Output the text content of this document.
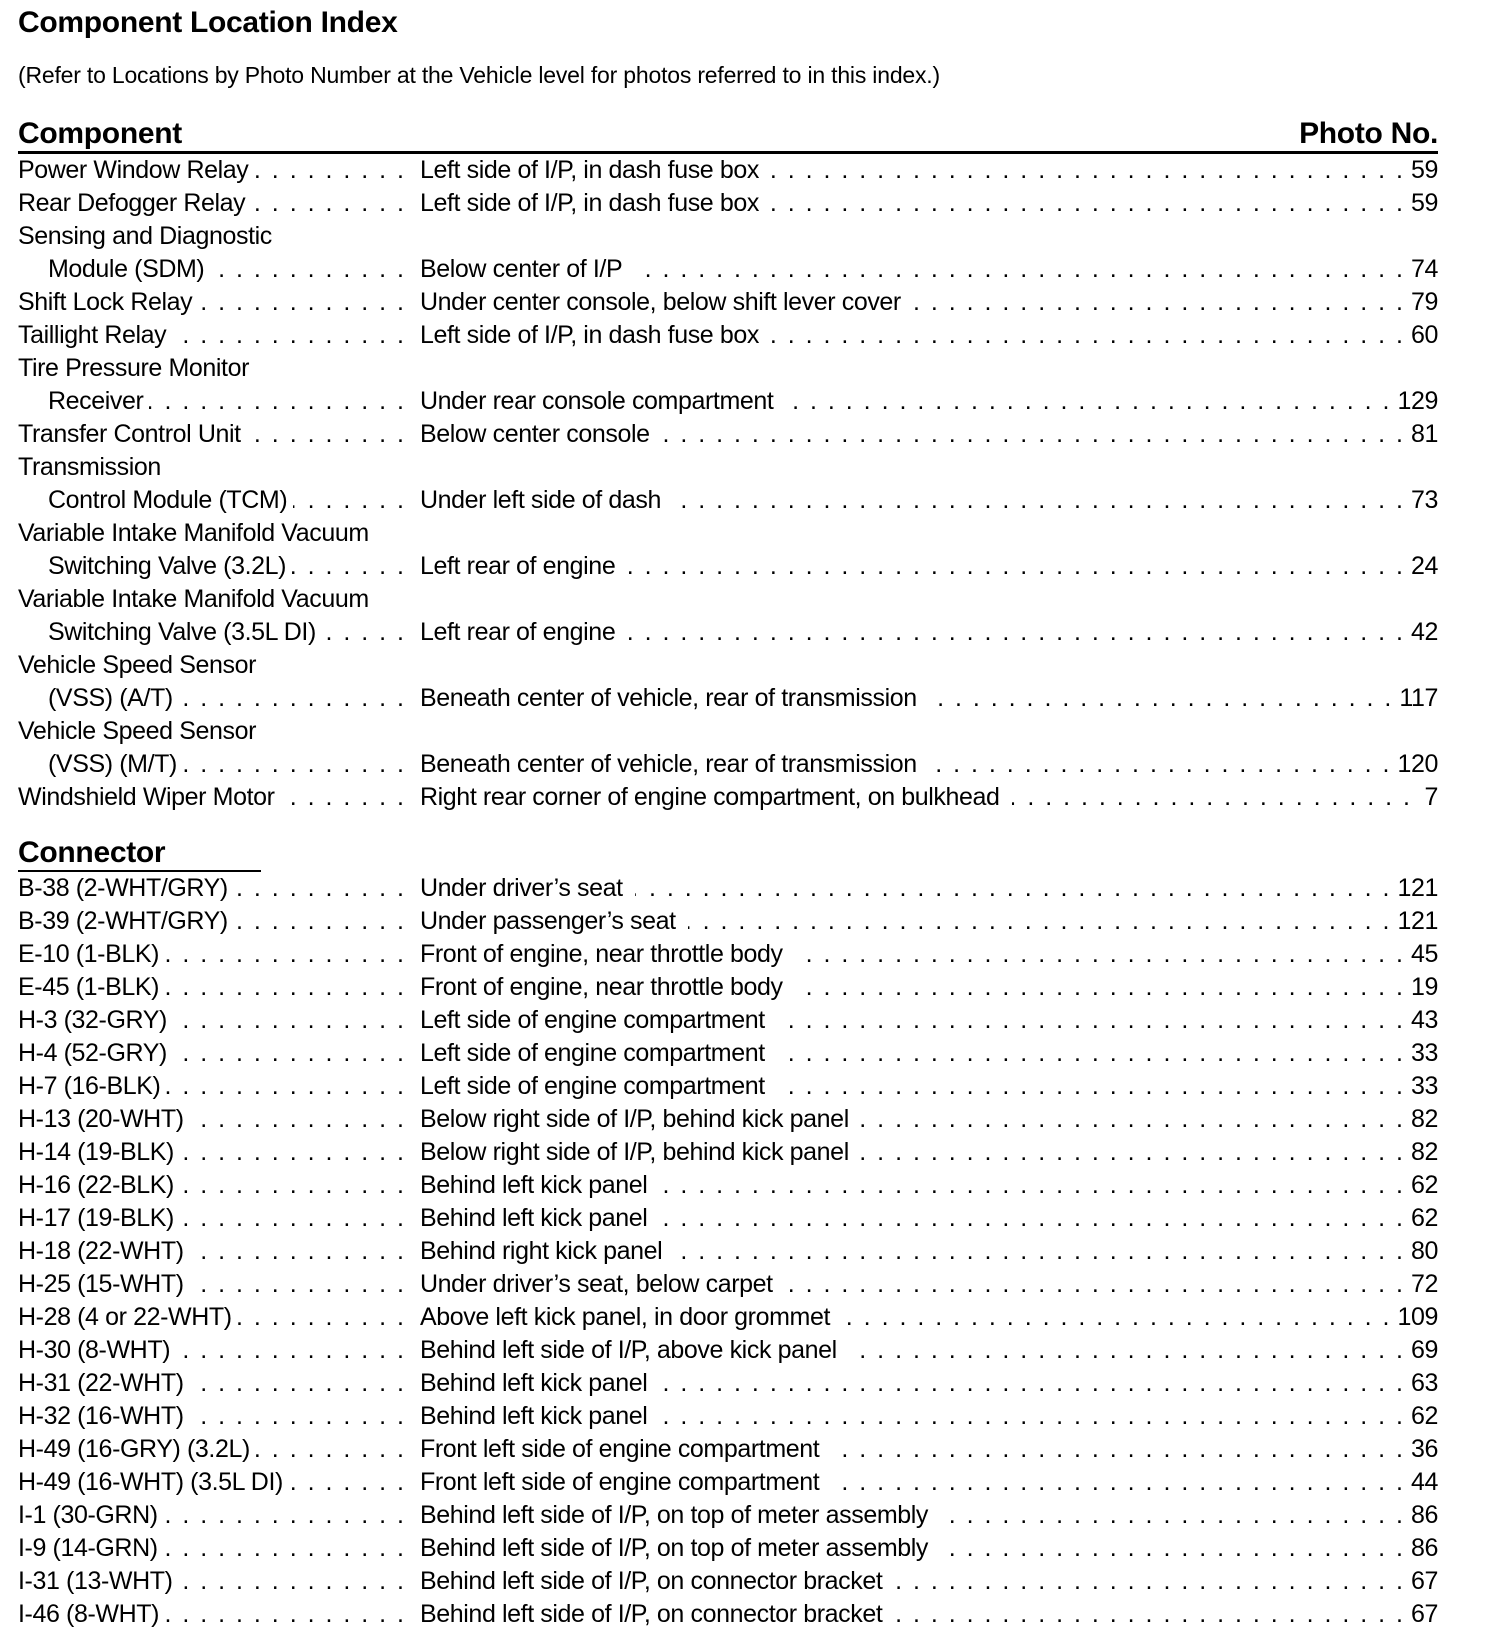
Component Location Index
(Refer to Locations by Photo Number at the Vehicle level for photos referred to in this index.)
Component	Photo No.
Power Window Relay . . .	Left side of I/P, in dash fuse box . . .	59
Rear Defogger Relay . . .	Left side of I/P, in dash fuse box . . .	59
Sensing and Diagnostic
Module (SDM) . . .	Below center of I/P . . .	74
Shift Lock Relay . . .	Under center console, below shift lever cover . . .	79
Taillight Relay . . .	Left side of I/P, in dash fuse box . . .	60
Tire Pressure Monitor
Receiver . . .	Under rear console compartment . . .	129
Transfer Control Unit . . .	Below center console . . .	81
Transmission
Control Module (TCM) . . .	Under left side of dash . . .	73
Variable Intake Manifold Vacuum
Switching Valve (3.2L) . . .	Left rear of engine . . .	24
Variable Intake Manifold Vacuum
Switching Valve (3.5L DI) . . .	Left rear of engine . . .	42
Vehicle Speed Sensor
(VSS) (A/T) . . .	Beneath center of vehicle, rear of transmission . . .	117
Vehicle Speed Sensor
(VSS) (M/T) . . .	Beneath center of vehicle, rear of transmission . . .	120
Windshield Wiper Motor . . .	Right rear corner of engine compartment, on bulkhead . . .	7
Connector
B-38 (2-WHT/GRY) . . .	Under driver’s seat . . .	121
B-39 (2-WHT/GRY) . . .	Under passenger’s seat . . .	121
E-10 (1-BLK) . . .	Front of engine, near throttle body . . .	45
E-45 (1-BLK) . . .	Front of engine, near throttle body . . .	19
H-3 (32-GRY) . . .	Left side of engine compartment . . .	43
H-4 (52-GRY) . . .	Left side of engine compartment . . .	33
H-7 (16-BLK) . . .	Left side of engine compartment . . .	33
H-13 (20-WHT) . . .	Below right side of I/P, behind kick panel . . .	82
H-14 (19-BLK) . . .	Below right side of I/P, behind kick panel . . .	82
H-16 (22-BLK) . . .	Behind left kick panel . . .	62
H-17 (19-BLK) . . .	Behind left kick panel . . .	62
H-18 (22-WHT) . . .	Behind right kick panel . . .	80
H-25 (15-WHT) . . .	Under driver’s seat, below carpet . . .	72
H-28 (4 or 22-WHT) . . .	Above left kick panel, in door grommet . . .	109
H-30 (8-WHT) . . .	Behind left side of I/P, above kick panel . . .	69
H-31 (22-WHT) . . .	Behind left kick panel . . .	63
H-32 (16-WHT) . . .	Behind left kick panel . . .	62
H-49 (16-GRY) (3.2L) . . .	Front left side of engine compartment . . .	36
H-49 (16-WHT) (3.5L DI) . . .	Front left side of engine compartment . . .	44
I-1 (30-GRN) . . .	Behind left side of I/P, on top of meter assembly . . .	86
I-9 (14-GRN) . . .	Behind left side of I/P, on top of meter assembly . . .	86
I-31 (13-WHT) . . .	Behind left side of I/P, on connector bracket . . .	67
I-46 (8-WHT) . . .	Behind left side of I/P, on connector bracket . . .	67
